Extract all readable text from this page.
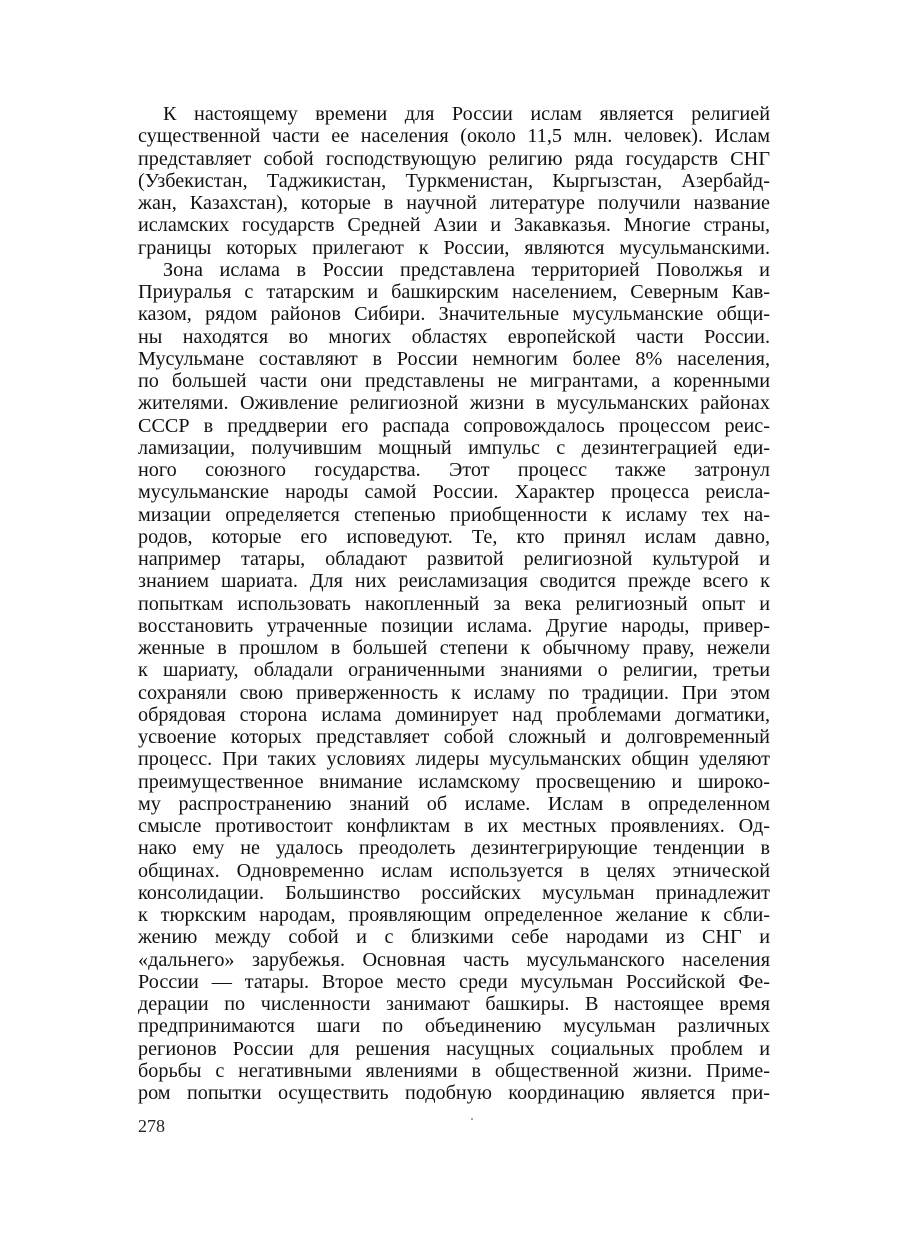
К настоящему времени для России ислам является религией
существенной части ее населения (около 11,5 млн. человек). Ислам
представляет собой господствующую религию ряда государств СНГ
(Узбекистан, Таджикистан, Туркменистан, Кыргызстан, Азербайд-
жан, Казахстан), которые в научной литературе получили название
исламских государств Средней Азии и Закавказья. Многие страны,
границы которых прилегают к России, являются мусульманскими.
Зона ислама в России представлена территорией Поволжья и
Приуралья с татарским и башкирским населением, Северным Кав-
казом, рядом районов Сибири. Значительные мусульманские общи-
ны находятся во многих областях европейской части России.
Мусульмане составляют в России немногим более 8% населения,
по большей части они представлены не мигрантами, а коренными
жителями. Оживление религиозной жизни в мусульманских районах
СССР в преддверии его распада сопровождалось процессом реис-
ламизации, получившим мощный импульс с дезинтеграцией еди-
ного союзного государства. Этот процесс также затронул
мусульманские народы самой России. Характер процесса реисла-
мизации определяется степенью приобщенности к исламу тех на-
родов, которые его исповедуют. Те, кто принял ислам давно,
например татары, обладают развитой религиозной культурой и
знанием шариата. Для них реисламизация сводится прежде всего к
попыткам использовать накопленный за века религиозный опыт и
восстановить утраченные позиции ислама. Другие народы, привер-
женные в прошлом в большей степени к обычному праву, нежели
к шариату, обладали ограниченными знаниями о религии, третьи
сохраняли свою приверженность к исламу по традиции. При этом
обрядовая сторона ислама доминирует над проблемами догматики,
усвоение которых представляет собой сложный и долговременный
процесс. При таких условиях лидеры мусульманских общин уделяют
преимущественное внимание исламскому просвещению и широко-
му распространению знаний об исламе. Ислам в определенном
смысле противостоит конфликтам в их местных проявлениях. Од-
нако ему не удалось преодолеть дезинтегрирующие тенденции в
общинах. Одновременно ислам используется в целях этнической
консолидации. Большинство российских мусульман принадлежит
к тюркским народам, проявляющим определенное желание к сбли-
жению между собой и с близкими себе народами из СНГ и
«дальнего» зарубежья. Основная часть мусульманского населения
России — татары. Второе место среди мусульман Российской Фе-
дерации по численности занимают башкиры. В настоящее время
предпринимаются шаги по объединению мусульман различных
регионов России для решения насущных социальных проблем и
борьбы с негативными явлениями в общественной жизни. Приме-
ром попытки осуществить подобную координацию является при-
278
